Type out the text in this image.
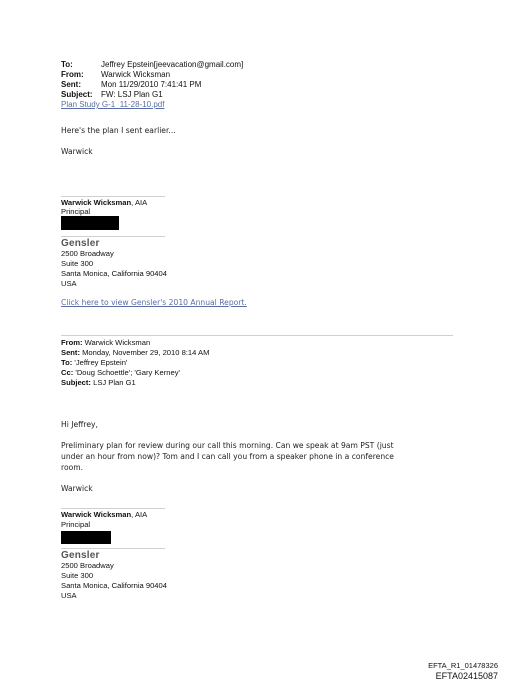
To:	Jeffrey Epstein[jeevacation@gmail.com]
From: Warwick Wicksman
Sent:	Mon 11/29/2010 7:41:41 PM
Subject: FW: LSJ Plan G1
Plan Study G-1_11-28-10.pdf
Here's the plan I sent earlier...
Warwick
Warwick Wicksman, AIA
Principal
Gensler
2500 Broadway
Suite 300
Santa Monica, California 90404
USA
Click here to view Gensler's 2010 Annual Report.
From: Warwick Wicksman
Sent: Monday, November 29, 2010 8:14 AM
To: 'Jeffrey Epstein'
Cc: 'Doug Schoettle'; 'Gary Kerney'
Subject: LSJ Plan G1
Hi Jeffrey,
Preliminary plan for review during our call this morning. Can we speak at 9am PST (just
under an hour from now)? Tom and I can call you from a speaker phone in a conference
room.
Warwick
Warwick Wicksman, AIA
Principal
Gensler
2500 Broadway
Suite 300
Santa Monica, California 90404
USA
EFTA_R1_01478326
EFTA02415087
